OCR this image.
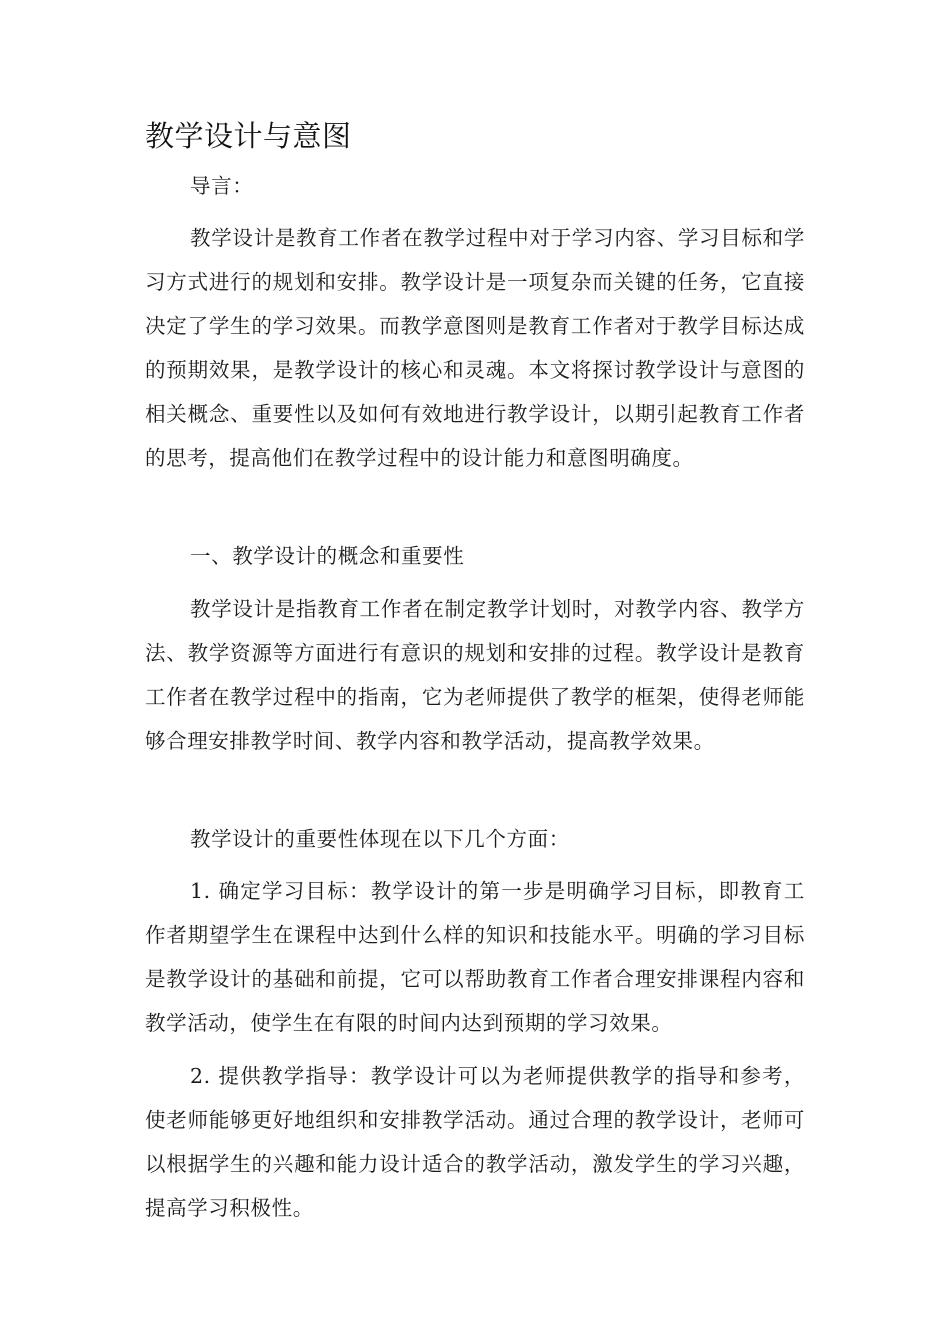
教学设计与意图

导言：

教学设计是教育工作者在教学过程中对于学习内容、学习目标和学习方式进行的规划和安排。教学设计是一项复杂而关键的任务，它直接决定了学生的学习效果。而教学意图则是教育工作者对于教学目标达成的预期效果，是教学设计的核心和灵魂。本文将探讨教学设计与意图的相关概念、重要性以及如何有效地进行教学设计，以期引起教育工作者的思考，提高他们在教学过程中的设计能力和意图明确度。

一、教学设计的概念和重要性

教学设计是指教育工作者在制定教学计划时，对教学内容、教学方法、教学资源等方面进行有意识的规划和安排的过程。教学设计是教育工作者在教学过程中的指南，它为老师提供了教学的框架，使得老师能够合理安排教学时间、教学内容和教学活动，提高教学效果。

教学设计的重要性体现在以下几个方面：

1. 确定学习目标：教学设计的第一步是明确学习目标，即教育工作者期望学生在课程中达到什么样的知识和技能水平。明确的学习目标是教学设计的基础和前提，它可以帮助教育工作者合理安排课程内容和教学活动，使学生在有限的时间内达到预期的学习效果。

2. 提供教学指导：教学设计可以为老师提供教学的指导和参考，使老师能够更好地组织和安排教学活动。通过合理的教学设计，老师可以根据学生的兴趣和能力设计适合的教学活动，激发学生的学习兴趣，提高学习积极性。
